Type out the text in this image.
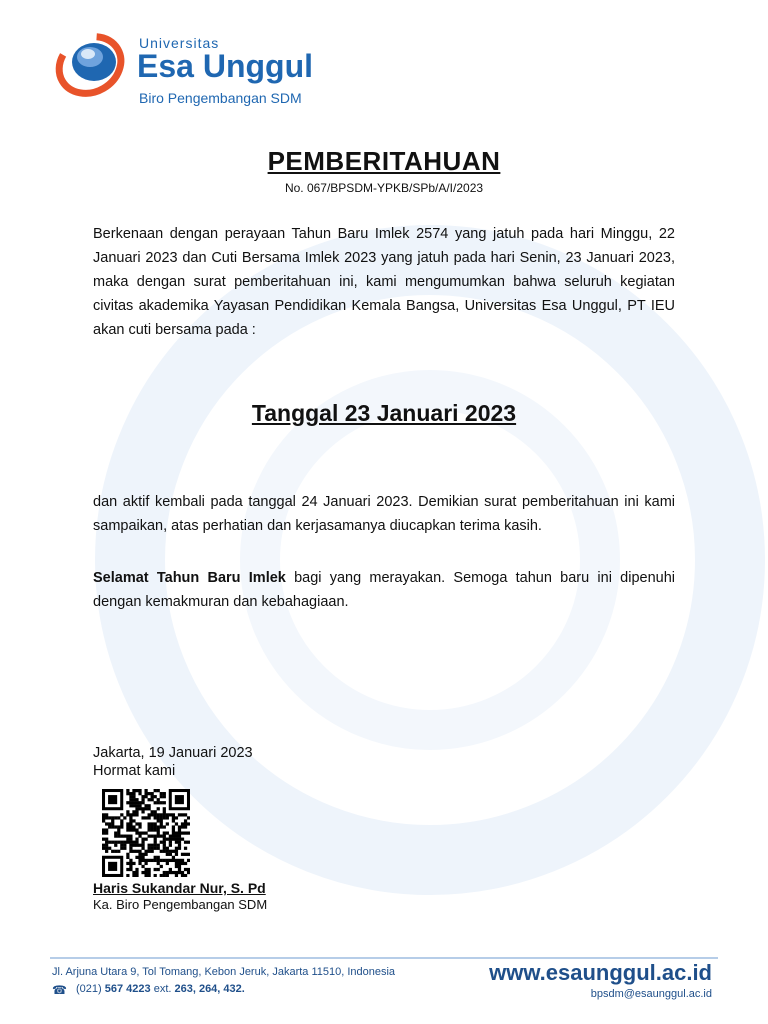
Universitas
Esa Unggul
Biro Pengembangan SDM
PEMBERITAHUAN
No. 067/BPSDM-YPKB/SPb/A/I/2023

Berkenaan dengan perayaan Tahun Baru Imlek 2574 yang jatuh pada hari Minggu, 22 Januari 2023 dan Cuti Bersama Imlek 2023 yang jatuh pada hari Senin, 23 Januari 2023, maka dengan surat pemberitahuan ini, kami mengumumkan bahwa seluruh kegiatan civitas akademika Yayasan Pendidikan Kemala Bangsa, Universitas Esa Unggul, PT IEU akan cuti bersama pada :

Tanggal 23 Januari 2023

dan aktif kembali pada tanggal 24 Januari 2023. Demikian surat pemberitahuan ini kami sampaikan, atas perhatian dan kerjasamanya diucapkan terima kasih.

Selamat Tahun Baru Imlek bagi yang merayakan. Semoga tahun baru ini dipenuhi dengan kemakmuran dan kebahagiaan.

Jakarta, 19 Januari 2023
Hormat kami
Haris Sukandar Nur, S. Pd
Ka. Biro Pengembangan SDM
Jl. Arjuna Utara 9, Tol Tomang, Kebon Jeruk, Jakarta 11510, Indonesia
☎ (021) 567 4223 ext. 263, 264, 432.
www.esaunggul.ac.id
bpsdm@esaunggul.ac.id
